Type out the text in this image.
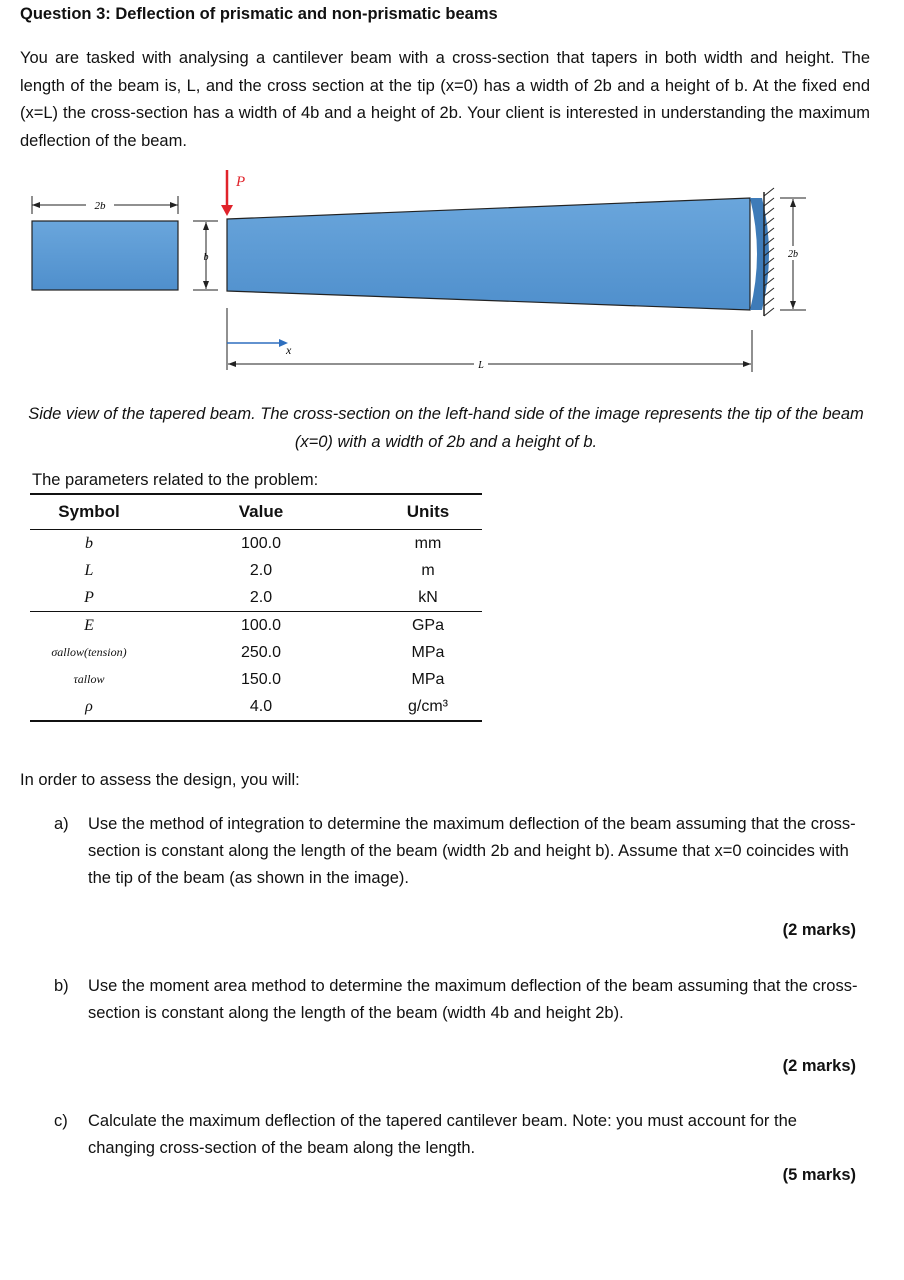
Question 3: Deflection of prismatic and non-prismatic beams
You are tasked with analysing a cantilever beam with a cross-section that tapers in both width and height. The length of the beam is, L, and the cross section at the tip (x=0) has a width of 2b and a height of b. At the fixed end (x=L) the cross-section has a width of 4b and a height of 2b. Your client is interested in understanding the maximum deflection of the beam.
2b
b
P
2b
x
L
Side view of the tapered beam. The cross-section on the left-hand side of the image represents the tip of the beam (x=0) with a width of 2b and a height of b.
The parameters related to the problem:
Symbol	Value	Units
b	100.0	mm
L	2.0	m
P	2.0	kN
E	100.0	GPa
σallow(tension)	250.0	MPa
τallow	150.0	MPa
ρ	4.0	g/cm³
In order to assess the design, you will:
a) Use the method of integration to determine the maximum deflection of the beam assuming that the cross-section is constant along the length of the beam (width 2b and height b). Assume that x=0 coincides with the tip of the beam (as shown in the image).
(2 marks)
b) Use the moment area method to determine the maximum deflection of the beam assuming that the cross-section is constant along the length of the beam (width 4b and height 2b).
(2 marks)
c) Calculate the maximum deflection of the tapered cantilever beam. Note: you must account for the changing cross-section of the beam along the length.
(5 marks)
